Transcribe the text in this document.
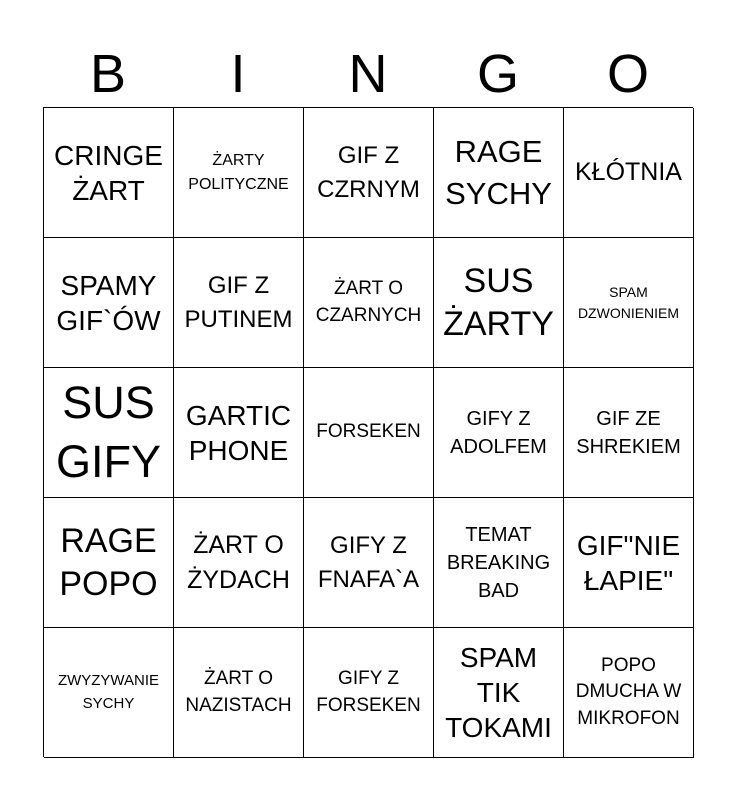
B	I	N	G	O
CRINGE ŻART
ŻARTY POLITYCZNE
GIF Z CZRNYM
RAGE SYCHY
KŁÓTNIA
SPAMY GIF`ÓW
GIF Z PUTINEM
ŻART O CZARNYCH
SUS ŻARTY
SPAM DZWONIENIEM
SUS GIFY
GARTIC PHONE
FORSEKEN
GIFY Z ADOLFEM
GIF ZE SHREKIEM
RAGE POPO
ŻART O ŻYDACH
GIFY Z FNAFA`A
TEMAT BREAKING BAD
GIF"NIE ŁAPIE"
ZWYZYWANIE SYCHY
ŻART O NAZISTACH
GIFY Z FORSEKEN
SPAM TIK TOKAMI
POPO DMUCHA W MIKROFON
